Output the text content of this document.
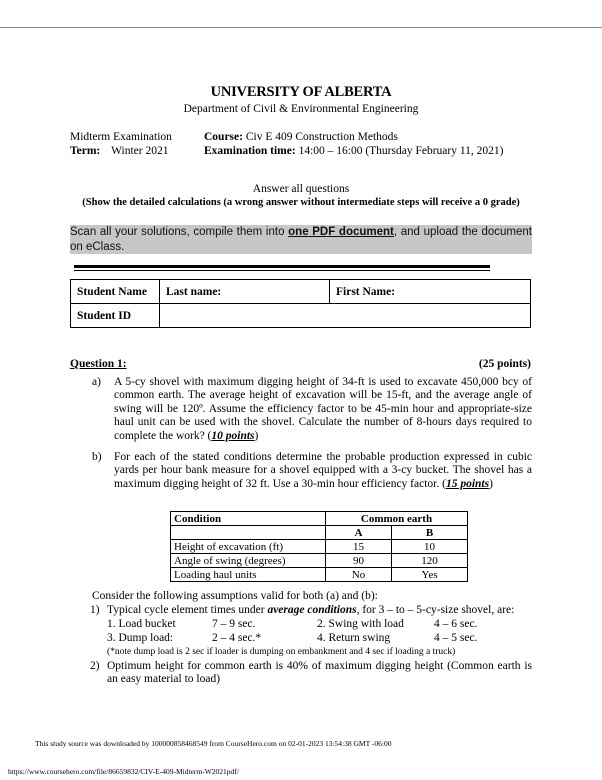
UNIVERSITY OF ALBERTA
Department of Civil & Environmental Engineering
Midterm Examination	Course: Civ E 409 Construction Methods
Term: Winter 2021	Examination time: 14:00 – 16:00 (Thursday February 11, 2021)
Answer all questions
(Show the detailed calculations (a wrong answer without intermediate steps will receive a 0 grade)
Scan all your solutions, compile them into one PDF document, and upload the document on eClass.
Student Name	Last name:	First Name:
Student ID		
Question 1:	(25 points)
a) A 5-cy shovel with maximum digging height of 34-ft is used to excavate 450,000 bcy of common earth. The average height of excavation will be 15-ft, and the average angle of swing will be 120º. Assume the efficiency factor to be 45-min hour and appropriate-size haul unit can be used with the shovel. Calculate the number of 8-hours days required to complete the work? (10 points)
b) For each of the stated conditions determine the probable production expressed in cubic yards per hour bank measure for a shovel equipped with a 3-cy bucket. The shovel has a maximum digging height of 32 ft. Use a 30-min hour efficiency factor. (15 points)
Condition	Common earth	
	A	B
Height of excavation (ft)	15	10
Angle of swing (degrees)	90	120
Loading haul units	No	Yes
Consider the following assumptions valid for both (a) and (b):
1) Typical cycle element times under average conditions, for 3 – to – 5-cy-size shovel, are:
1. Load bucket	7 – 9 sec.	2. Swing with load	4 – 6 sec.
3. Dump load:	2 – 4 sec.*	4. Return swing	4 – 5 sec.
(*note dump load is 2 sec if loader is dumping on embankment and 4 sec if loading a truck)
2) Optimum height for common earth is 40% of maximum digging height (Common earth is an easy material to load)
This study source was downloaded by 100000858468549 from CourseHero.com on 02-01-2023 13:54:38 GMT -06:00
https://www.coursehero.com/file/86659832/CIV-E-409-Midterm-W2021pdf/
